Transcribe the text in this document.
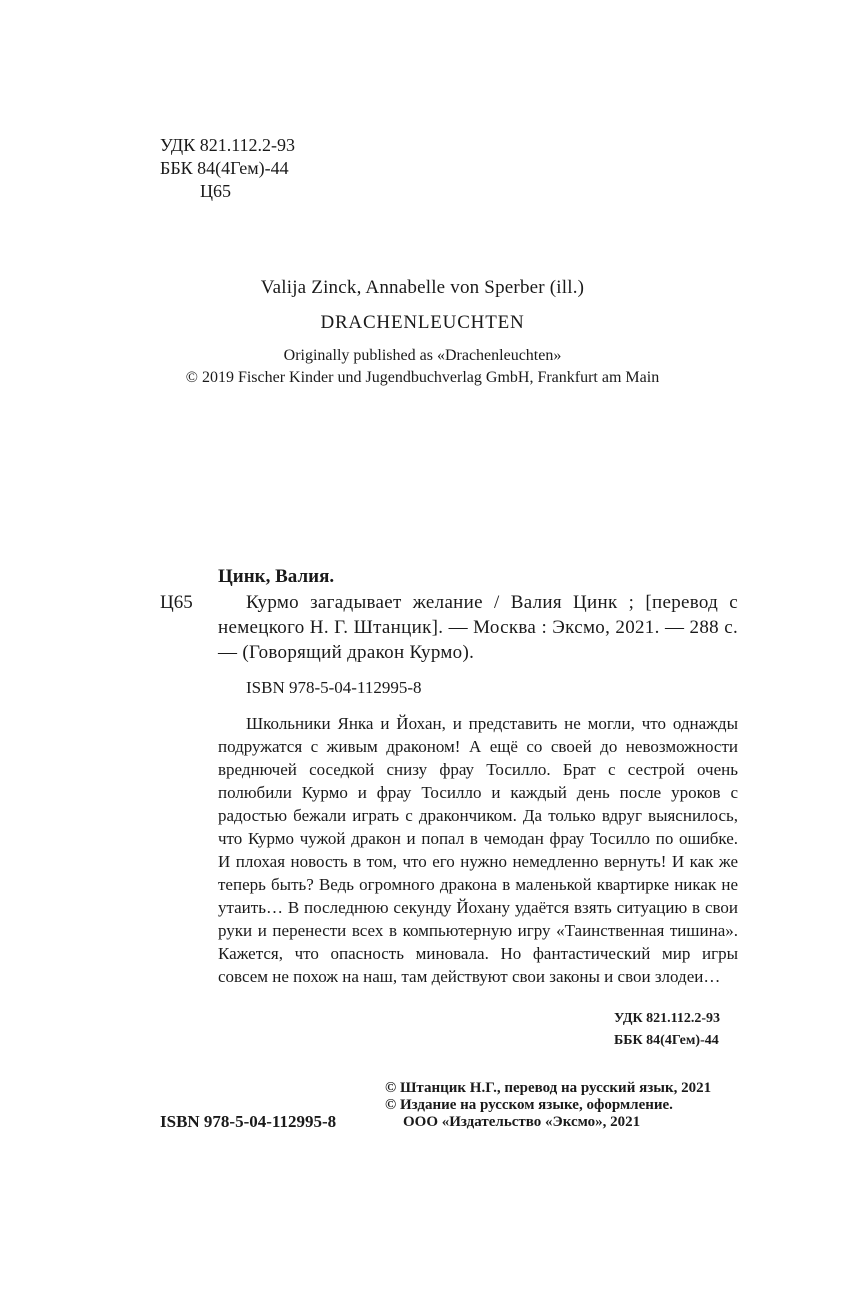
УДК 821.112.2-93
ББК 84(4Гем)-44
Ц65
Valija Zinck, Annabelle von Sperber (ill.)
DRACHENLEUCHTEN
Originally published as «Drachenleuchten»
© 2019 Fischer Kinder und Jugendbuchverlag GmbH, Frankfurt am Main
Цинк, Валия.
Ц65	Курмо загадывает желание / Валия Цинк ; [перевод с немецкого Н. Г. Штанцик]. — Москва : Эксмо, 2021. — 288 с. — (Говорящий дракон Курмо).
ISBN 978-5-04-112995-8
Школьники Янка и Йохан, и представить не могли, что однажды подружатся с живым драконом! А ещё со своей до невозможности вреднючей соседкой снизу фрау Тосилло. Брат с сестрой очень полюбили Курмо и фрау Тосилло и каждый день после уроков с радостью бежали играть с дракончиком. Да только вдруг выяснилось, что Курмо чужой дракон и попал в чемодан фрау Тосилло по ошибке. И плохая новость в том, что его нужно немедленно вернуть! И как же теперь быть? Ведь огромного дракона в маленькой квартирке никак не утаить… В последнюю секунду Йохану удаётся взять ситуацию в свои руки и перенести всех в компьютерную игру «Таинственная тишина». Кажется, что опасность миновала. Но фантастический мир игры совсем не похож на наш, там действуют свои законы и свои злодеи…
УДК 821.112.2-93
ББК 84(4Гем)-44
© Штанцик Н.Г., перевод на русский язык, 2021
© Издание на русском языке, оформление.
ООО «Издательство «Эксмо», 2021
ISBN 978-5-04-112995-8
